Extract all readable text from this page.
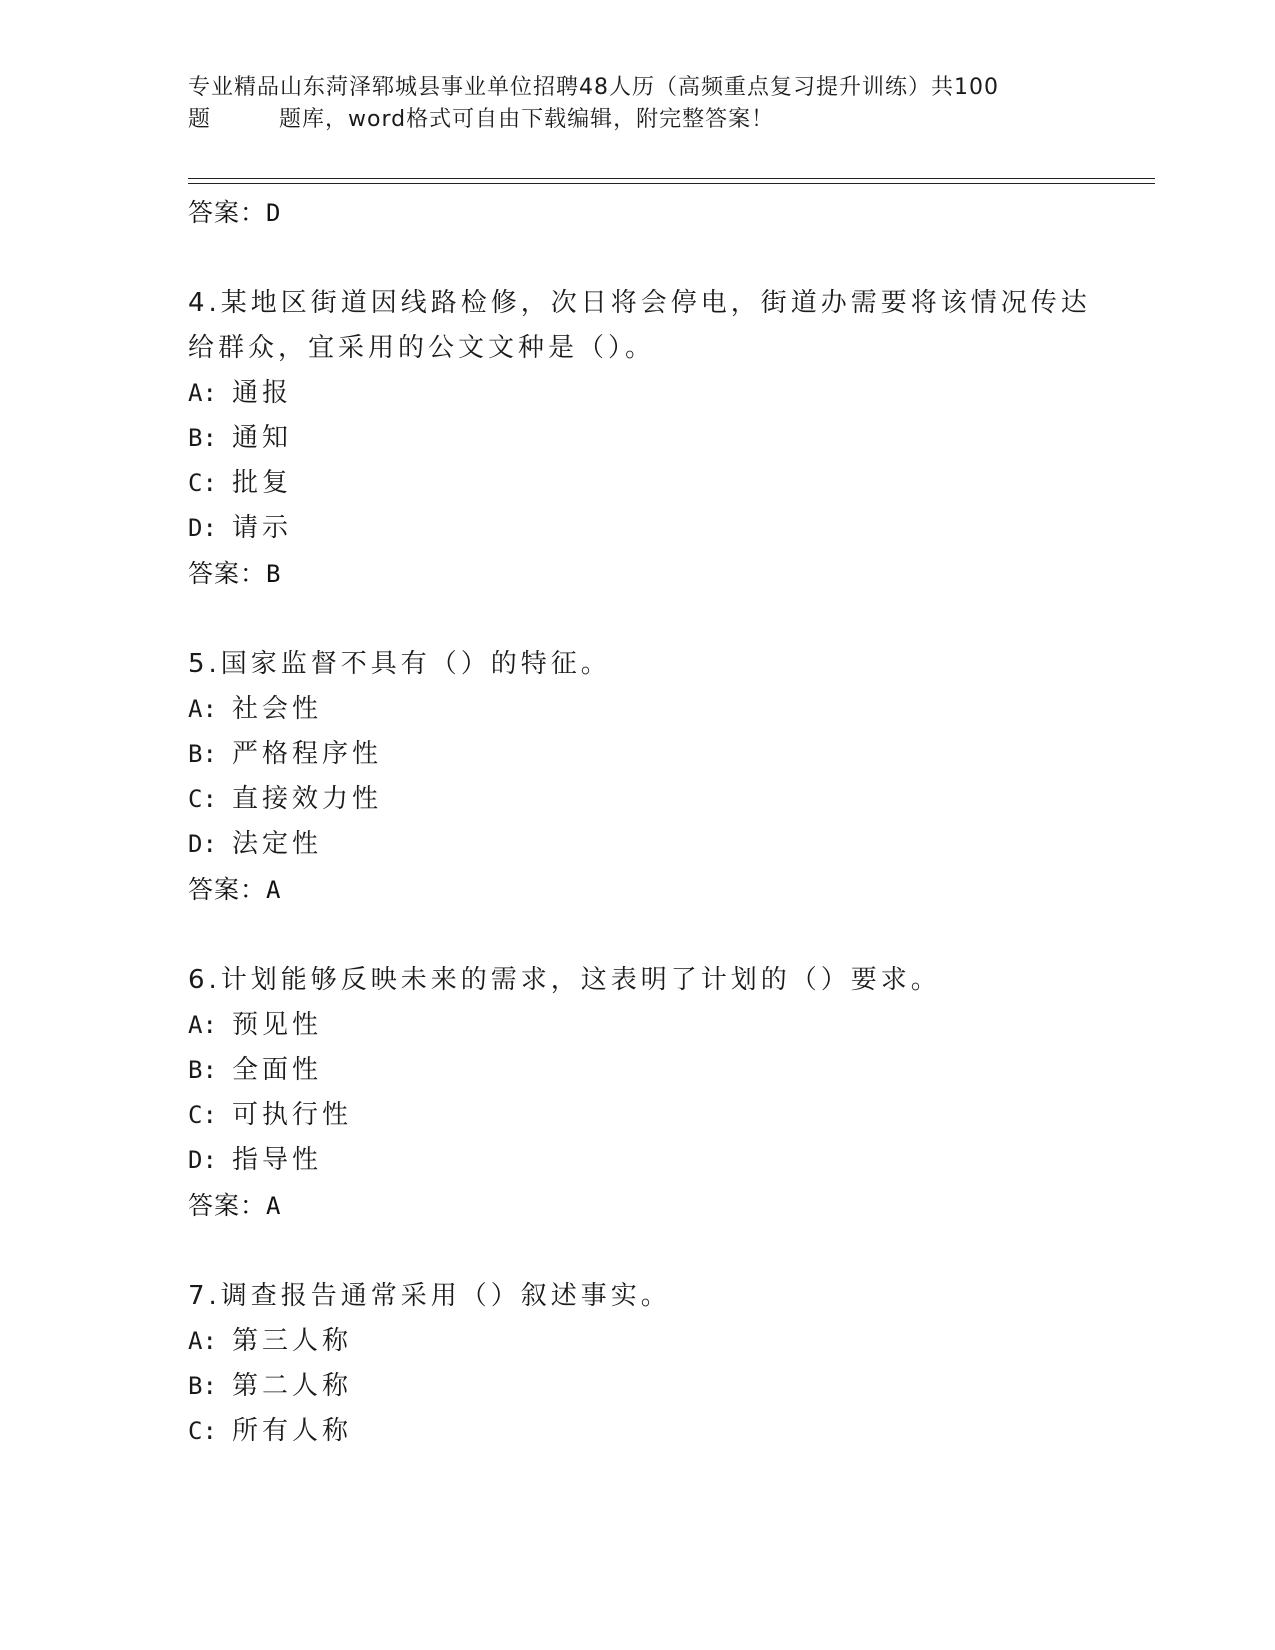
专业精品山东菏泽郓城县事业单位招聘48人历（高频重点复习提升训练）共100
题	题库，word格式可自由下载编辑，附完整答案！
答案：D
4.某地区街道因线路检修，次日将会停电，街道办需要将该情况传达
给群众，宜采用的公文文种是（）。
A: 通报
B: 通知
C: 批复
D: 请示
答案：B
5.国家监督不具有（）的特征。
A: 社会性
B: 严格程序性
C: 直接效力性
D: 法定性
答案：A
6.计划能够反映未来的需求，这表明了计划的（）要求。
A: 预见性
B: 全面性
C: 可执行性
D: 指导性
答案：A
7.调查报告通常采用（）叙述事实。
A: 第三人称
B: 第二人称
C: 所有人称
